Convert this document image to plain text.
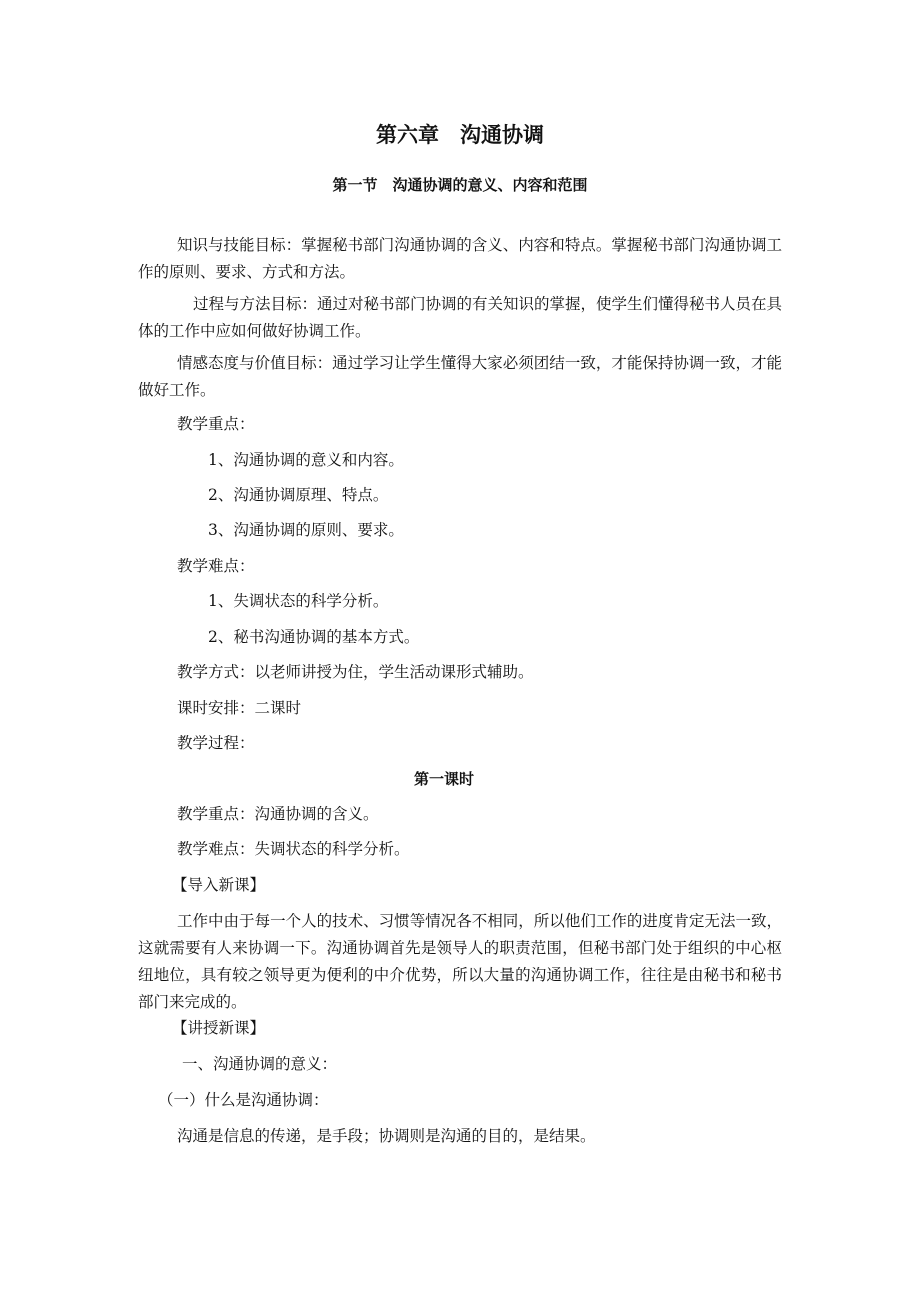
第六章　沟通协调
第一节　沟通协调的意义、内容和范围

知识与技能目标：掌握秘书部门沟通协调的含义、内容和特点。掌握秘书部门沟通协调工作的原则、要求、方式和方法。

过程与方法目标：通过对秘书部门协调的有关知识的掌握，使学生们懂得秘书人员在具体的工作中应如何做好协调工作。

情感态度与价值目标：通过学习让学生懂得大家必须团结一致，才能保持协调一致，才能做好工作。

教学重点：

1、沟通协调的意义和内容。

2、沟通协调原理、特点。

3、沟通协调的原则、要求。

教学难点：

1、失调状态的科学分析。

2、秘书沟通协调的基本方式。

教学方式：以老师讲授为住，学生活动课形式辅助。

课时安排：二课时

教学过程：

第一课时

教学重点：沟通协调的含义。

教学难点：失调状态的科学分析。

【导入新课】

工作中由于每一个人的技术、习惯等情况各不相同，所以他们工作的进度肯定无法一致，这就需要有人来协调一下。沟通协调首先是领导人的职责范围，但秘书部门处于组织的中心枢纽地位，具有较之领导更为便利的中介优势，所以大量的沟通协调工作，往往是由秘书和秘书部门来完成的。

【讲授新课】

一、沟通协调的意义：

（一）什么是沟通协调：

沟通是信息的传递，是手段；协调则是沟通的目的，是结果。
